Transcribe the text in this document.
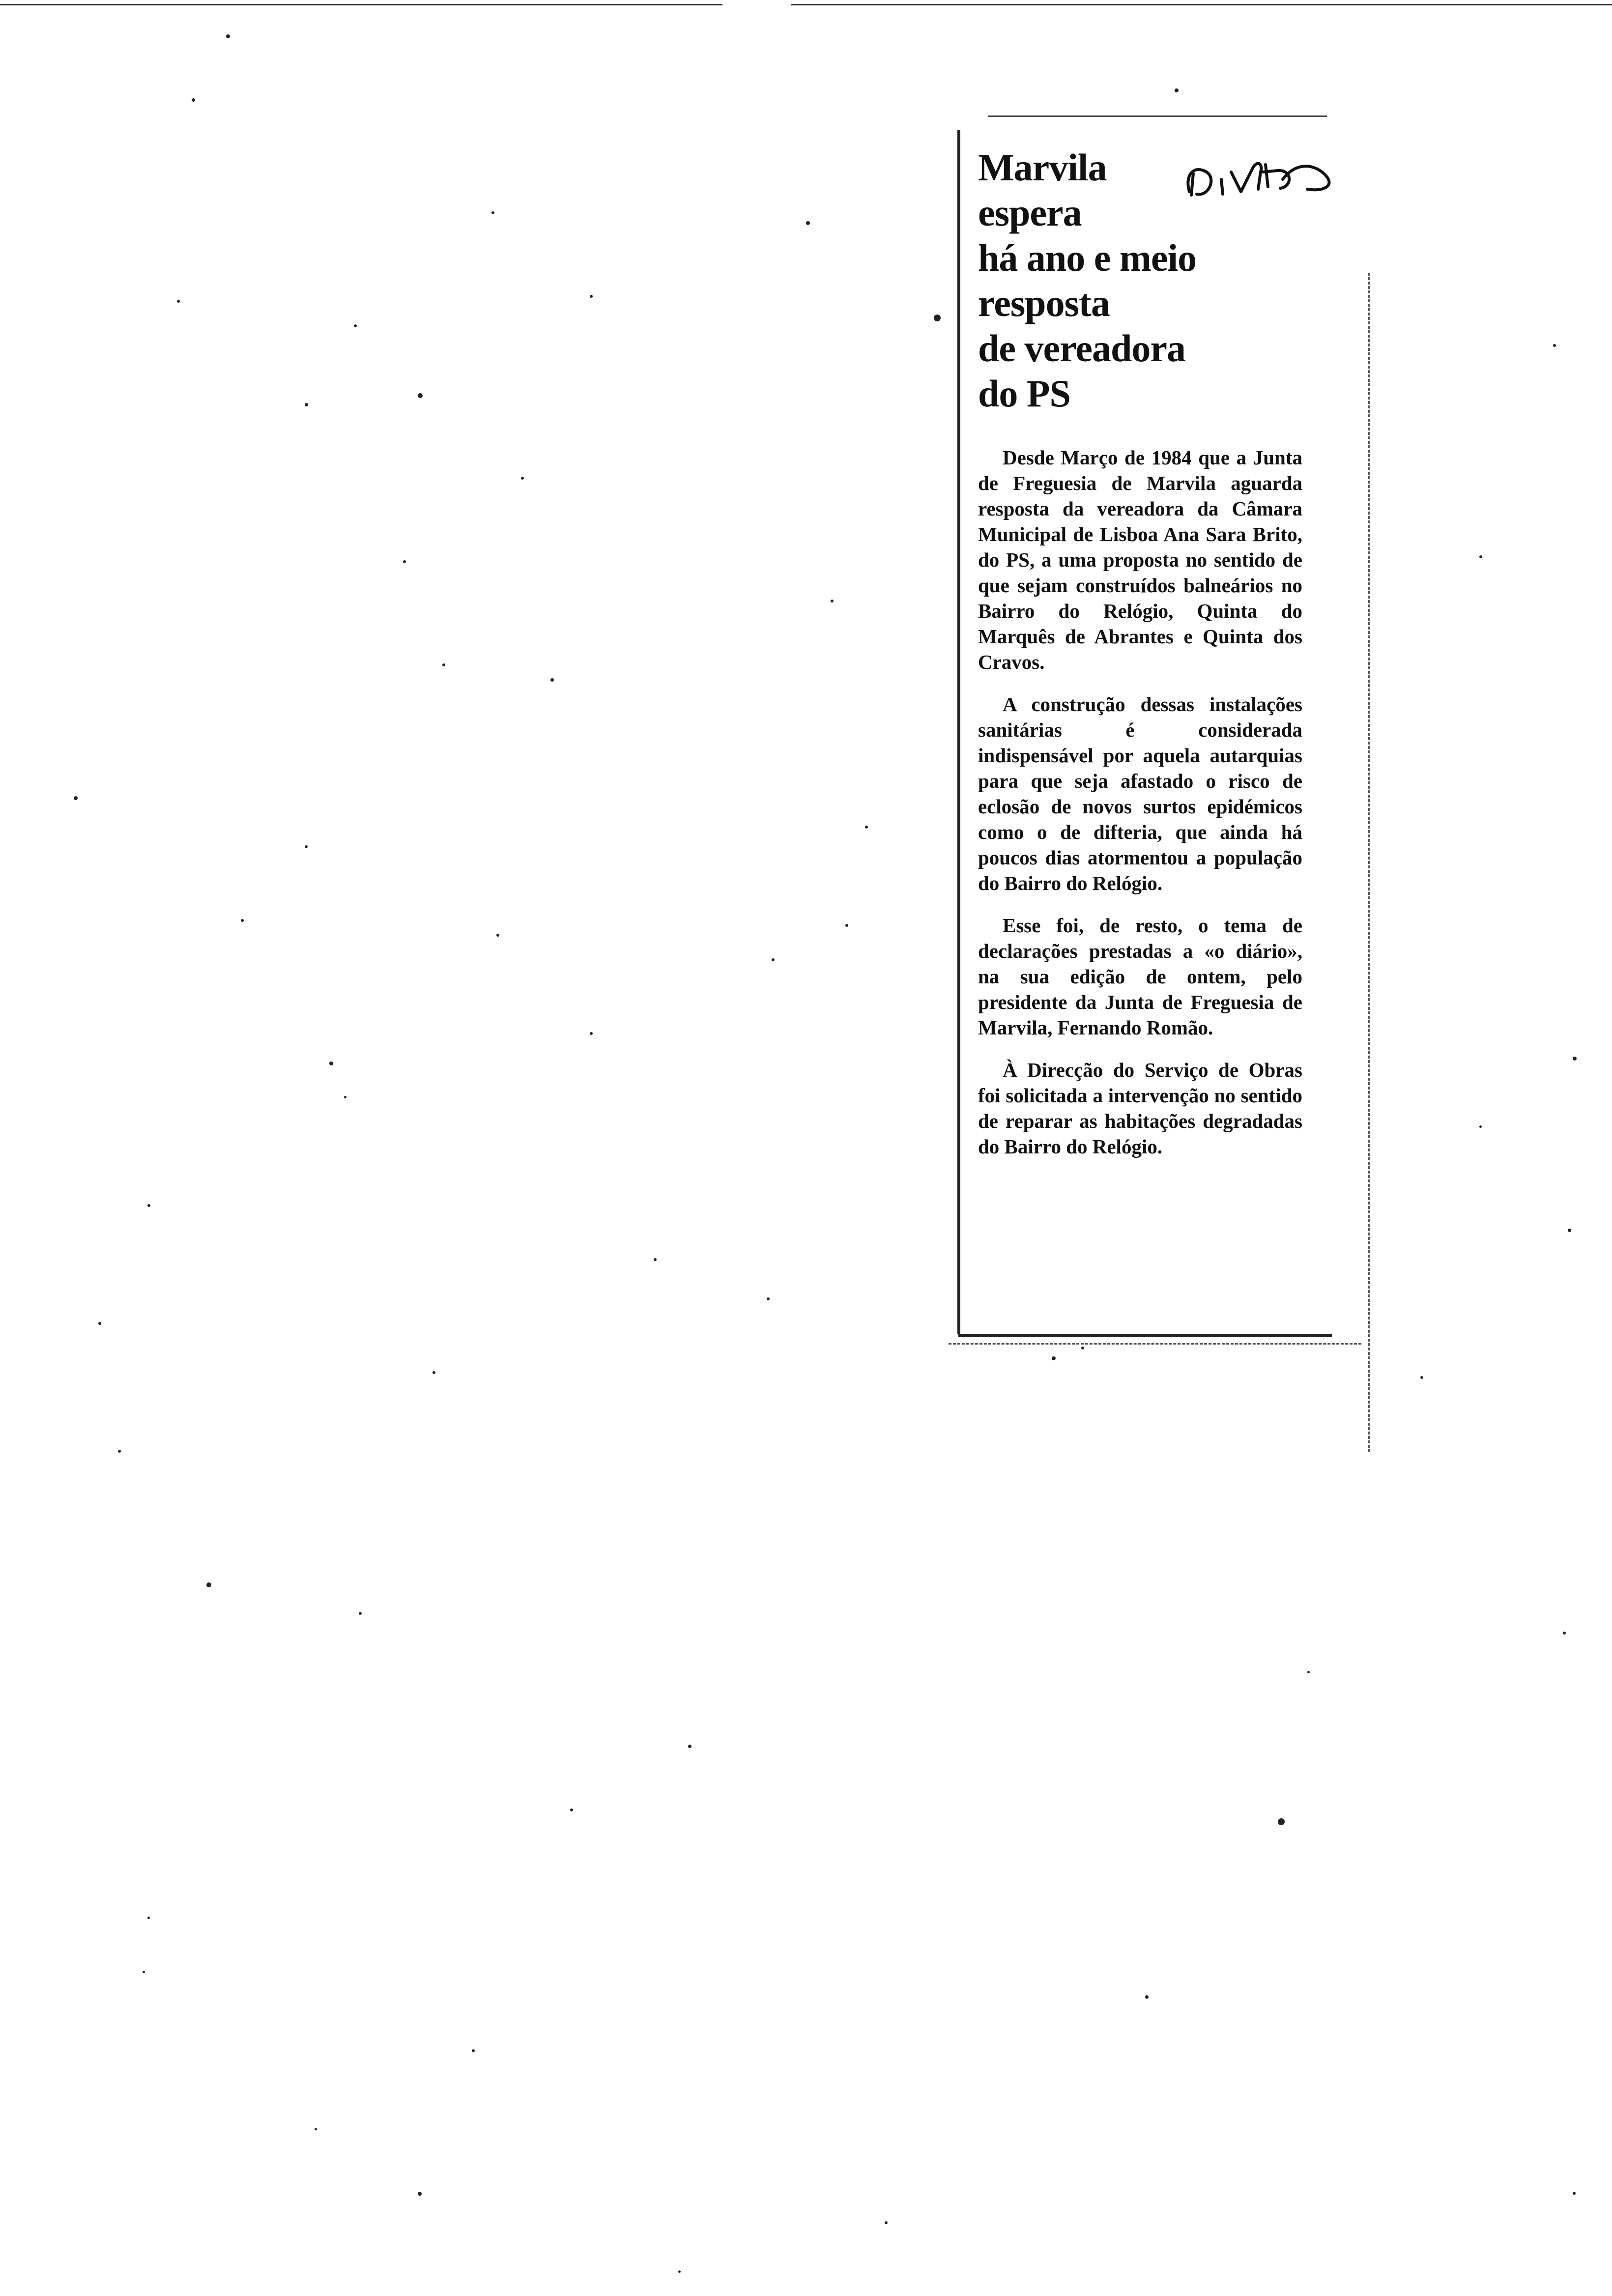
Marvila
espera
há ano e meio
resposta
de vereadora
do PS

Desde Março de 1984 que a Junta de Freguesia de Marvila aguarda resposta da vereadora da Câmara Municipal de Lisboa Ana Sara Brito, do PS, a uma proposta no sentido de que sejam construídos balneários no Bairro do Relógio, Quinta do Marquês de Abrantes e Quinta dos Cravos.

A construção dessas instalações sanitárias é considerada indispensável por aquela autarquias para que seja afastado o risco de eclosão de novos surtos epidémicos como o de difteria, que ainda há poucos dias atormentou a população do Bairro do Relógio.

Esse foi, de resto, o tema de declarações prestadas a «o diário», na sua edição de ontem, pelo presidente da Junta de Freguesia de Marvila, Fernando Romão.

À Direcção do Serviço de Obras foi solicitada a intervenção no sentido de reparar as habitações degradadas do Bairro do Relógio.
